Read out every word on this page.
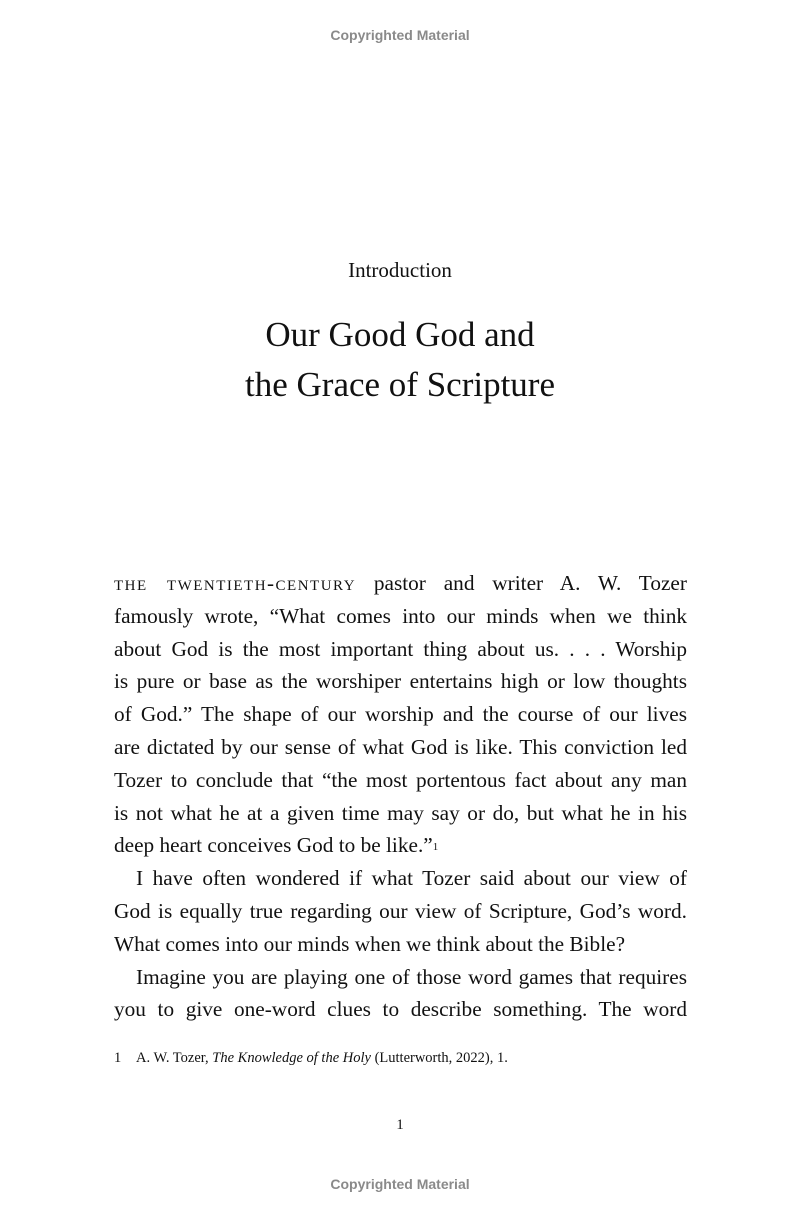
Copyrighted Material
Introduction
Our Good God and
the Grace of Scripture

the twentieth-century pastor and writer A. W. Tozer
famously wrote, “What comes into our minds when we think
about God is the most important thing about us. . . . Worship
is pure or base as the worshiper entertains high or low thoughts
of God.” The shape of our worship and the course of our lives
are dictated by our sense of what God is like. This conviction led
Tozer to conclude that “the most portentous fact about any man
is not what he at a given time may say or do, but what he in his
deep heart conceives God to be like.”$^1$

I have often wondered if what Tozer said about our view of
God is equally true regarding our view of Scripture, God’s word.
What comes into our minds when we think about the Bible?

Imagine you are playing one of those word games that requires
you to give one-word clues to describe something. The word

1 A. W. Tozer, The Knowledge of the Holy (Lutterworth, 2022), 1.
1
Copyrighted Material
